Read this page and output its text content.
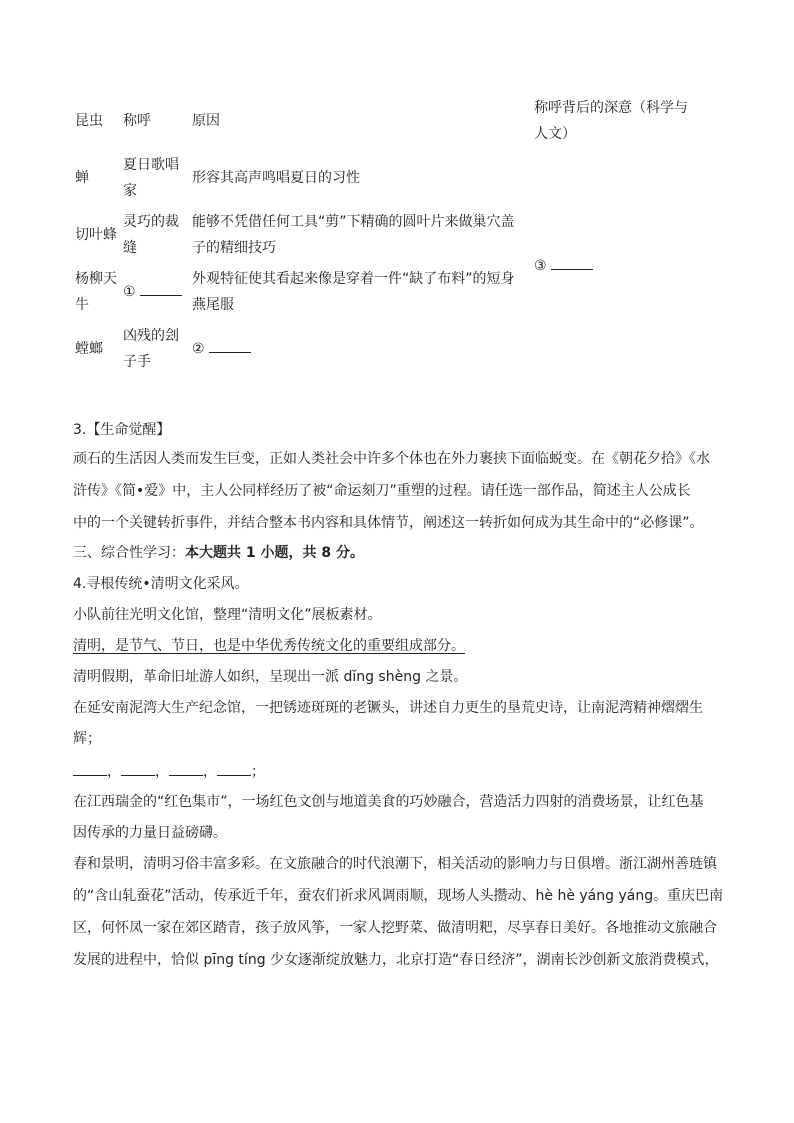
昆虫 称呼	原因
称呼背后的深意（科学与
人文）
蝉
夏日歌唱
家
形容其高声鸣唱夏日的习性
切叶蜂
灵巧的裁
缝
能够不凭借任何工具“剪”下精确的圆叶片来做巢穴盖
子的精细技巧
杨柳天
牛
①
外观特征使其看起来像是穿着一件“缺了布料”的短身
燕尾服
③
螳螂
凶残的刽
子手
②
3.【生命觉醒】
顽石的生活因人类而发生巨变，正如人类社会中许多个体也在外力裹挟下面临蜕变。在《朝花夕拾》《水
浒传》《简•爱》中，主人公同样经历了被“命运刻刀”重塑的过程。请任选一部作品，简述主人公成长
中的一个关键转折事件，并结合整本书内容和具体情节，阐述这一转折如何成为其生命中的“必修课”。
三、综合性学习：本大题共 1 小题，共 8 分。
4.寻根传统•清明文化采风。
小队前往光明文化馆，整理“清明文化”展板素材。
清明，是节气、节日，也是中华优秀传统文化的重要组成部分。
清明假期，革命旧址游人如织，呈现出一派 dĭng shèng 之景。
在延安南泥湾大生产纪念馆，一把锈迹斑斑的老镢头，讲述自力更生的垦荒史诗，让南泥湾精神熠熠生
辉；
， ， ， ；
在江西瑞金的“红色集市”，一场红色文创与地道美食的巧妙融合，营造活力四射的消费场景，让红色基
因传承的力量日益磅礴。
春和景明，清明习俗丰富多彩。在文旅融合的时代浪潮下，相关活动的影响力与日俱增。浙江湖州善琏镇
的“含山轧蚕花”活动，传承近千年，蚕农们祈求风调雨顺，现场人头攒动、hè hè yáng yáng。重庆巴南
区，何怀凤一家在郊区踏青，孩子放风筝，一家人挖野菜、做清明粑，尽享春日美好。各地推动文旅融合
发展的进程中，恰似 pīng tíng 少女逐渐绽放魅力，北京打造“春日经济”，湖南长沙创新文旅消费模式，
